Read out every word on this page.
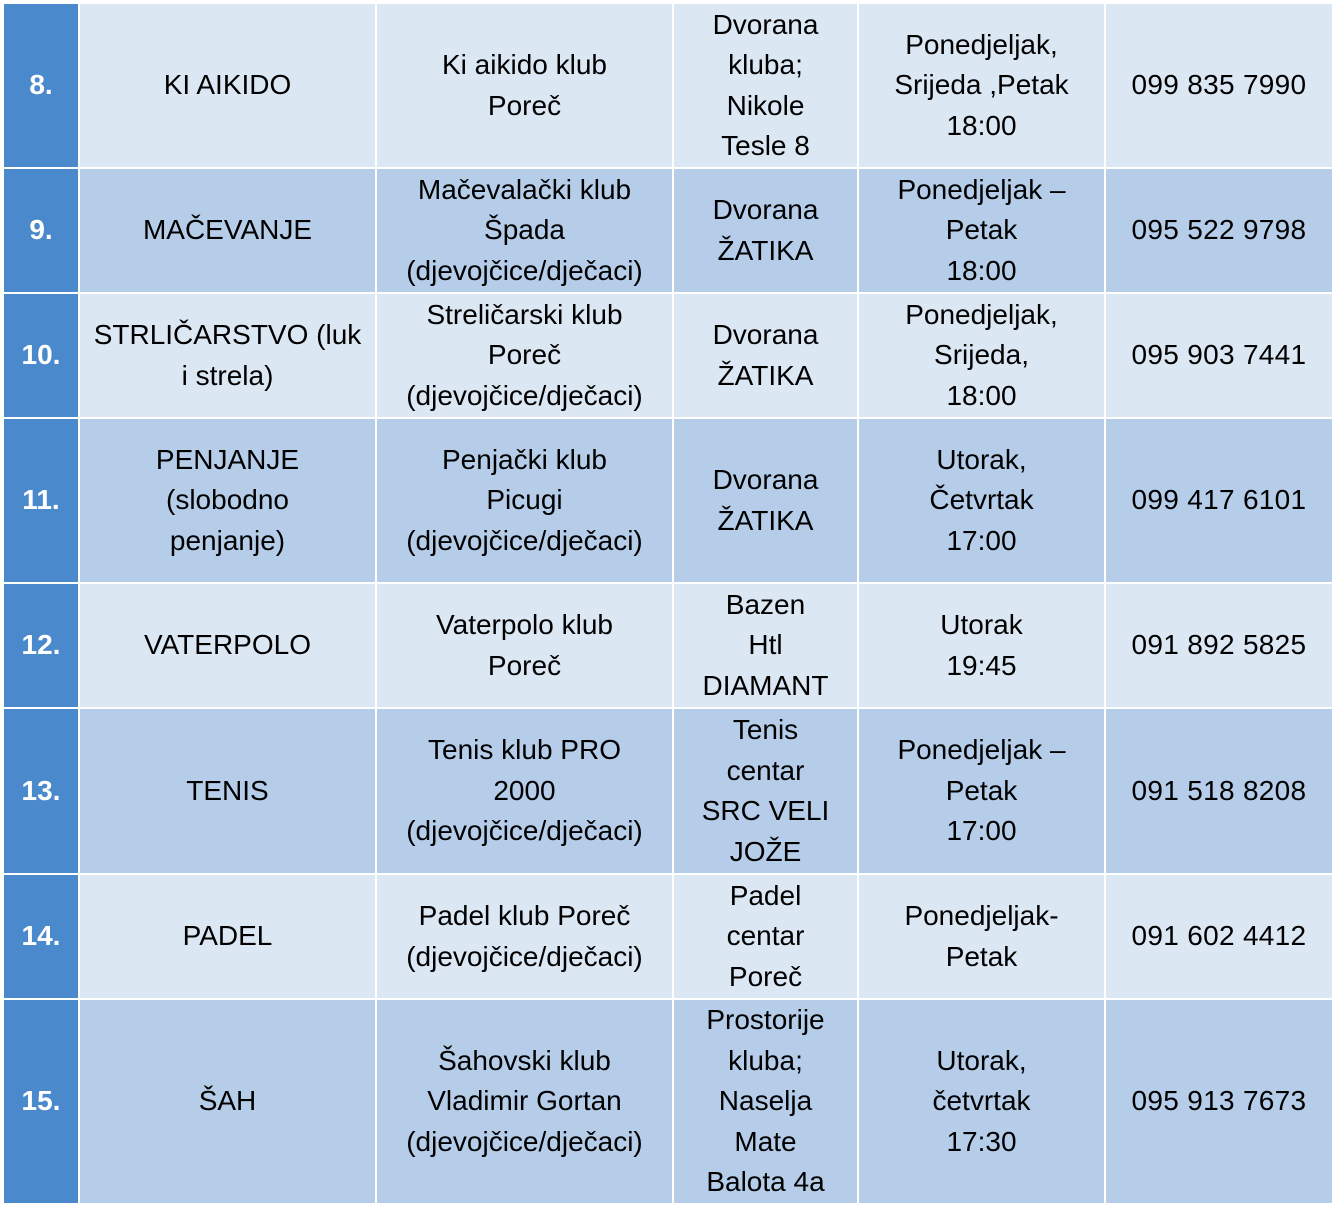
8.	KI AIKIDO	Ki aikido klub
Poreč	Dvorana
kluba;
Nikole
Tesle 8	Ponedjeljak,
Srijeda ,Petak
18:00	099 835 7990
9.	MAČEVANJE	Mačevalački klub
Špada
(djevojčice/dječaci)	Dvorana
ŽATIKA	Ponedjeljak –
Petak
18:00	095 522 9798
10.	STRLIČARSTVO (luk
i strela)	Streličarski klub
Poreč
(djevojčice/dječaci)	Dvorana
ŽATIKA	Ponedjeljak,
Srijeda,
18:00	095 903 7441
11.	PENJANJE
(slobodno
penjanje)	Penjački klub
Picugi
(djevojčice/dječaci)	Dvorana
ŽATIKA	Utorak,
Četvrtak
17:00	099 417 6101
12.	VATERPOLO	Vaterpolo klub
Poreč	Bazen
Htl
DIAMANT	Utorak
19:45	091 892 5825
13.	TENIS	Tenis klub PRO
2000
(djevojčice/dječaci)	Tenis
centar
SRC VELI
JOŽE	Ponedjeljak –
Petak
17:00	091 518 8208
14.	PADEL	Padel klub Poreč
(djevojčice/dječaci)	Padel
centar
Poreč	Ponedjeljak-
Petak	091 602 4412
15.	ŠAH	Šahovski klub
Vladimir Gortan
(djevojčice/dječaci)	Prostorije
kluba;
Naselja
Mate
Balota 4a	Utorak,
četvrtak
17:30	095 913 7673
